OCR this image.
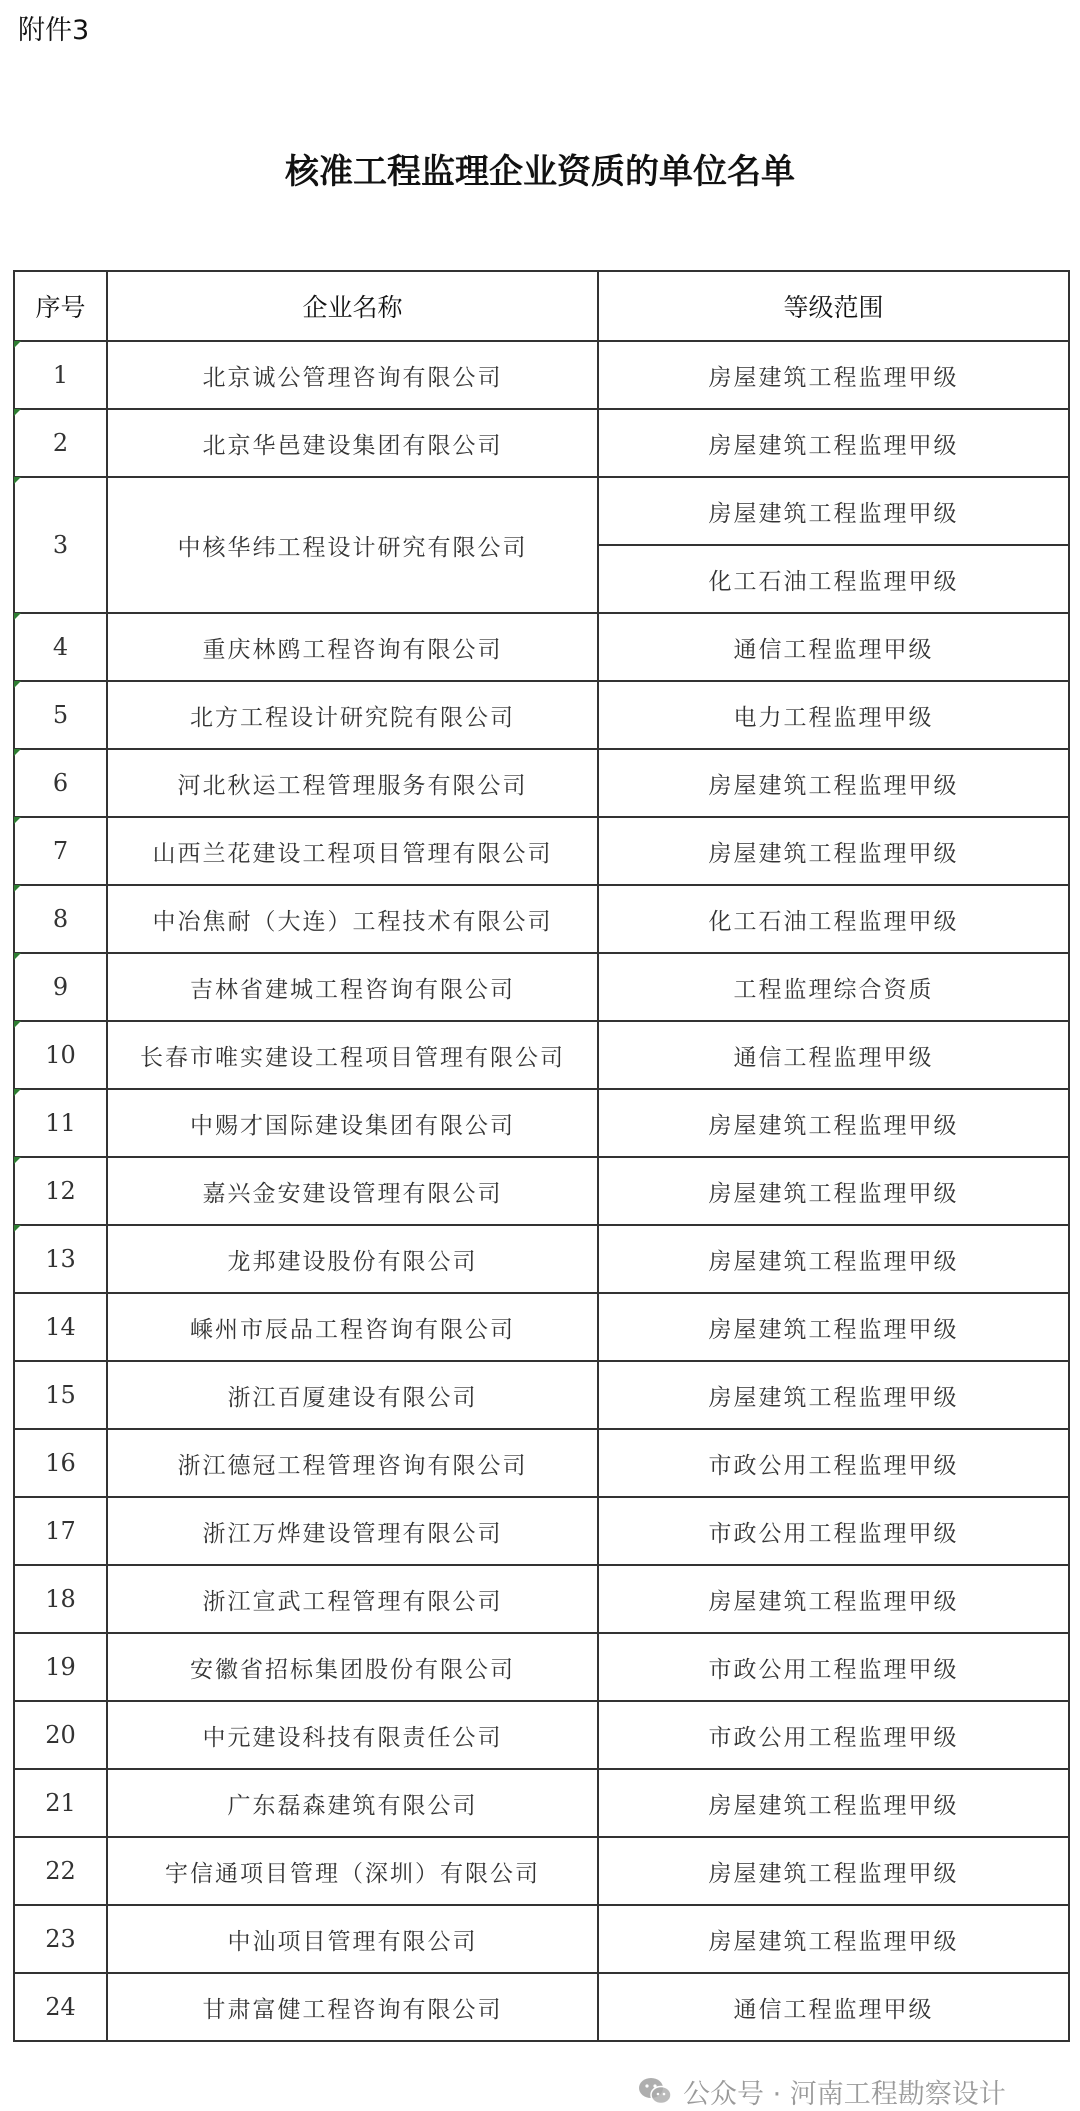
附件3
核准工程监理企业资质的单位名单
序号	企业名称	等级范围
1	北京诚公管理咨询有限公司	房屋建筑工程监理甲级
2	北京华邑建设集团有限公司	房屋建筑工程监理甲级
3	中核华纬工程设计研究有限公司	房屋建筑工程监理甲级
		化工石油工程监理甲级
4	重庆林鸥工程咨询有限公司	通信工程监理甲级
5	北方工程设计研究院有限公司	电力工程监理甲级
6	河北秋运工程管理服务有限公司	房屋建筑工程监理甲级
7	山西兰花建设工程项目管理有限公司	房屋建筑工程监理甲级
8	中冶焦耐（大连）工程技术有限公司	化工石油工程监理甲级
9	吉林省建城工程咨询有限公司	工程监理综合资质
10	长春市唯实建设工程项目管理有限公司	通信工程监理甲级
11	中赐才国际建设集团有限公司	房屋建筑工程监理甲级
12	嘉兴金安建设管理有限公司	房屋建筑工程监理甲级
13	龙邦建设股份有限公司	房屋建筑工程监理甲级
14	嵊州市辰品工程咨询有限公司	房屋建筑工程监理甲级
15	浙江百厦建设有限公司	房屋建筑工程监理甲级
16	浙江德冠工程管理咨询有限公司	市政公用工程监理甲级
17	浙江万烨建设管理有限公司	市政公用工程监理甲级
18	浙江宣武工程管理有限公司	房屋建筑工程监理甲级
19	安徽省招标集团股份有限公司	市政公用工程监理甲级
20	中元建设科技有限责任公司	市政公用工程监理甲级
21	广东磊森建筑有限公司	房屋建筑工程监理甲级
22	宇信通项目管理（深圳）有限公司	房屋建筑工程监理甲级
23	中汕项目管理有限公司	房屋建筑工程监理甲级
24	甘肃富健工程咨询有限公司	通信工程监理甲级
公众号 · 河南工程勘察设计
